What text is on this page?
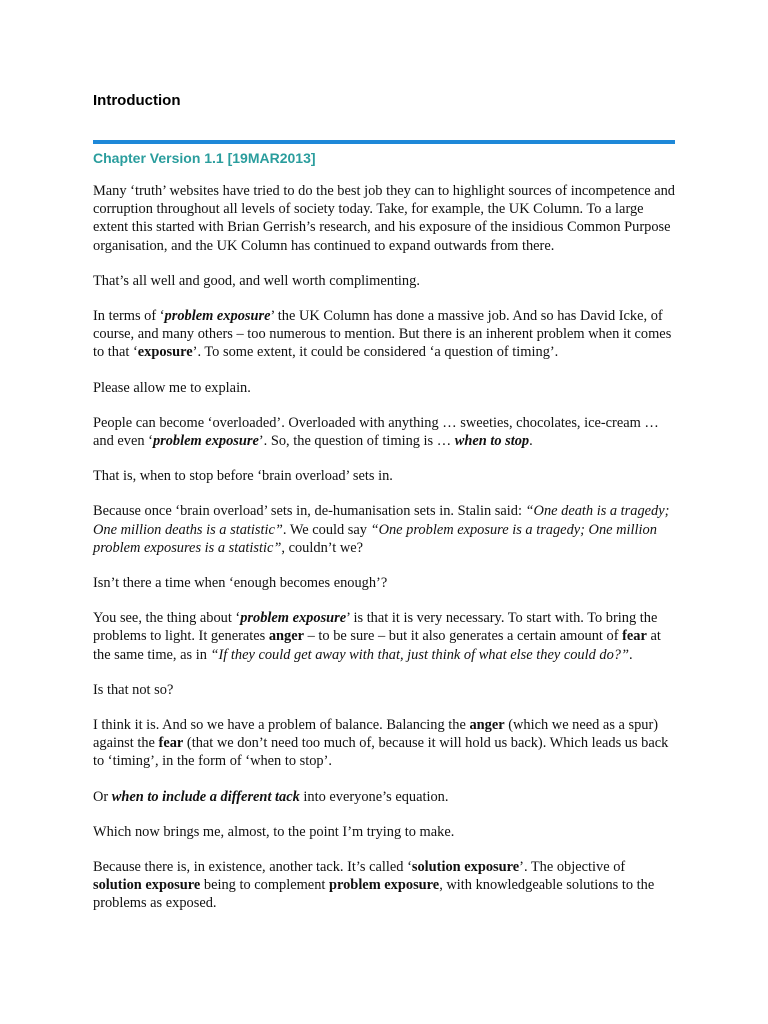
Introduction
Chapter Version 1.1 [19MAR2013]

Many ‘truth’ websites have tried to do the best job they can to highlight sources of incompetence and corruption throughout all levels of society today. Take, for example, the UK Column. To a large extent this started with Brian Gerrish’s research, and his exposure of the insidious Common Purpose organisation, and the UK Column has continued to expand outwards from there.

That’s all well and good, and well worth complimenting.

In terms of ‘problem exposure’ the UK Column has done a massive job. And so has David Icke, of course, and many others – too numerous to mention. But there is an inherent problem when it comes to that ‘exposure’. To some extent, it could be considered ‘a question of timing’.

Please allow me to explain.

People can become ‘overloaded’. Overloaded with anything … sweeties, chocolates, ice-cream … and even ‘problem exposure’. So, the question of timing is … when to stop.

That is, when to stop before ‘brain overload’ sets in.

Because once ‘brain overload’ sets in, de-humanisation sets in. Stalin said: “One death is a tragedy; One million deaths is a statistic”. We could say “One problem exposure is a tragedy; One million problem exposures is a statistic”, couldn’t we?

Isn’t there a time when ‘enough becomes enough’?

You see, the thing about ‘problem exposure’ is that it is very necessary. To start with. To bring the problems to light. It generates anger – to be sure – but it also generates a certain amount of fear at the same time, as in “If they could get away with that, just think of what else they could do?”.

Is that not so?

I think it is. And so we have a problem of balance. Balancing the anger (which we need as a spur) against the fear (that we don’t need too much of, because it will hold us back). Which leads us back to ‘timing’, in the form of ‘when to stop’.

Or when to include a different tack into everyone’s equation.

Which now brings me, almost, to the point I’m trying to make.

Because there is, in existence, another tack. It’s called ‘solution exposure’. The objective of solution exposure being to complement problem exposure, with knowledgeable solutions to the problems as exposed.
